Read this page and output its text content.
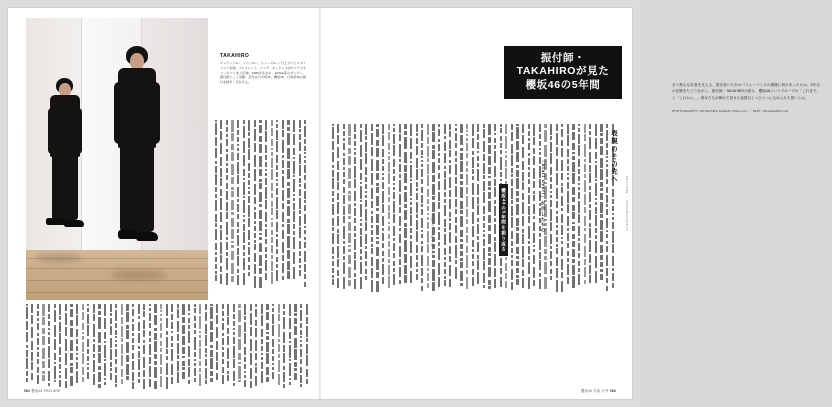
TAKAHIRO
ジャケット¥―、パンツ¥―、シューズ¥―／以上すべてスタイリスト私物。ブレスレット、リング、ネックレスほかアクセサリーすべて本人私物。1980年生まれ。EXILE等のダンサー、振付師として活動。近年は乃木坂46、櫻坂46、日向坂46の振付を数多く手がける。
062 櫻坂46 FEATURE
振付師・TAKAHIROが見た
櫻坂46の5年間	まり熱心な若者を支える、群を抜いたあのパフォーマンスの裏側に何があったのか。5年分の記憶をたどりながら、振付師・TAKAHIROが語る、櫻坂46というグループの「これまで」と「これから」。彼女たちが舞台で見せる表情ひとつひとつに込められた思いとは。
PHOTOGRAPHY: MIYAKAWA KAZEO (HUG.inc) ／ TEXT: SUGAWARA GO
表現のその先へ
「Start over!」が示したもの
櫻坂46の5年間を振り返る
言葉よりも体で伝える
FEATURE ／ SAKURAZAKA46
櫻坂46 写真 月刊 063
